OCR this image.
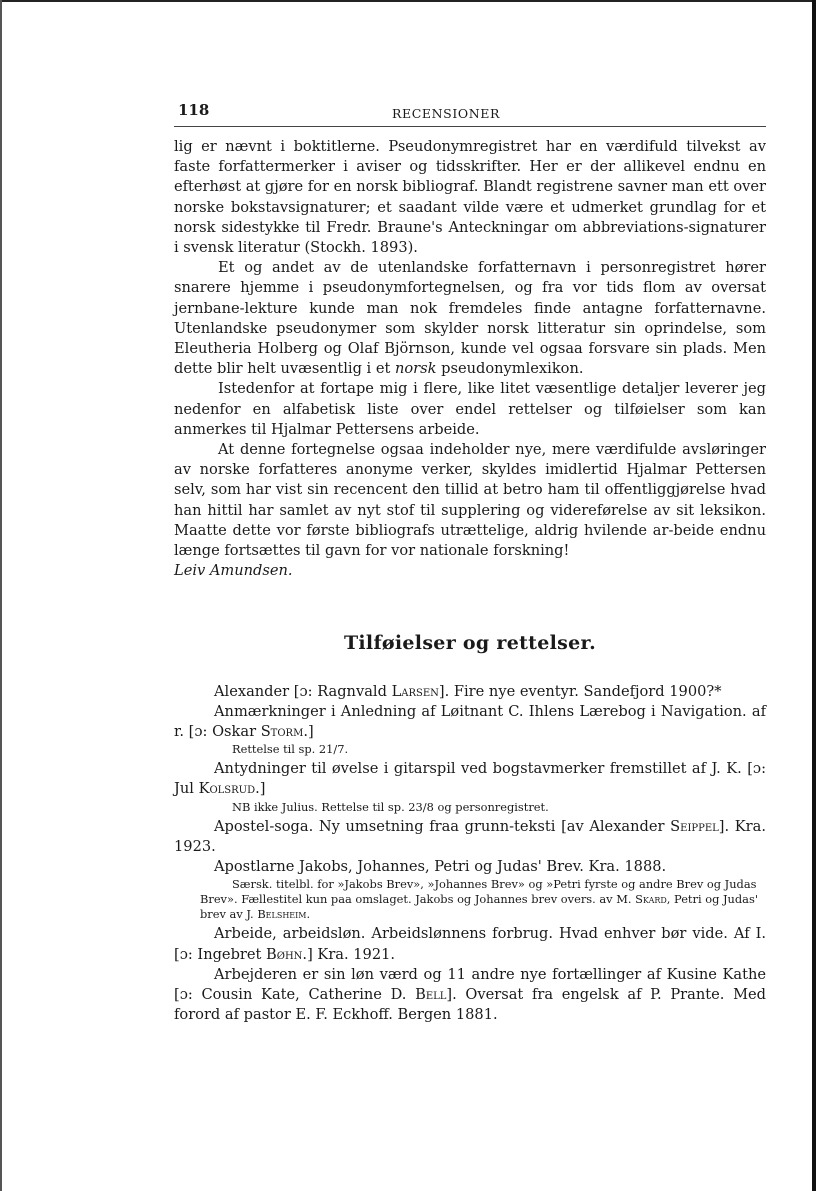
118	RECENSIONER

lig er nævnt i boktitlerne. Pseudonymregistret har en værdifuld tilvekst av faste forfattermerker i aviser og tidsskrifter. Her er der allikevel endnu en efterhøst at gjøre for en norsk bibliograf. Blandt registrene savner man ett over norske bokstavsignaturer; et saadant vilde være et udmerket grundlag for et norsk sidestykke til Fredr. Braune's Anteckningar om abbreviations-signaturer i svensk literatur (Stockh. 1893).

Et og andet av de utenlandske forfatternavn i personregistret hører snarere hjemme i pseudonymfortegnelsen, og fra vor tids flom av oversat jernbane-lekture kunde man nok fremdeles finde antagne forfatternavne. Utenlandske pseudonymer som skylder norsk litteratur sin oprindelse, som Eleutheria Holberg og Olaf Björnson, kunde vel ogsaa forsvare sin plads. Men dette blir helt uvæsentlig i et norsk pseudonymlexikon.

Istedenfor at fortape mig i flere, like litet væsentlige detaljer leverer jeg nedenfor en alfabetisk liste over endel rettelser og tilføielser som kan anmerkes til Hjalmar Pettersens arbeide.

At denne fortegnelse ogsaa indeholder nye, mere værdifulde avsløringer av norske forfatteres anonyme verker, skyldes imidlertid Hjalmar Pettersen selv, som har vist sin recencent den tillid at betro ham til offentliggjørelse hvad han hittil har samlet av nyt stof til supplering og videreførelse av sit leksikon. Maatte dette vor første bibliografs utrættelige, aldrig hvilende ar-beide endnu længe fortsættes til gavn for vor nationale forskning!

Leiv Amundsen.

Tilføielser og rettelser.

Alexander [ɔ: Ragnvald Larsen]. Fire nye eventyr. Sandefjord 1900?*

Anmærkninger i Anledning af Løitnant C. Ihlens Lærebog i Navigation. af r. [ɔ: Oskar Storm.]

Rettelse til sp. 21/7.

Antydninger til øvelse i gitarspil ved bogstavmerker fremstillet af J. K. [ɔ: Jul Kolsrud.]

NB ikke Julius. Rettelse til sp. 23/8 og personregistret.

Apostel-soga. Ny umsetning fraa grunn-teksti [av Alexander Seippel]. Kra. 1923.

Apostlarne Jakobs, Johannes, Petri og Judas' Brev. Kra. 1888.

Særsk. titelbl. for »Jakobs Brev», »Johannes Brev» og »Petri fyrste og andre Brev og Judas Brev». Fællestitel kun paa omslaget. Jakobs og Johannes brev overs. av M. Skard, Petri og Judas' brev av J. Belsheim.

Arbeide, arbeidsløn. Arbeidslønnens forbrug. Hvad enhver bør vide. Af I. [ɔ: Ingebret Bøhn.] Kra. 1921.

Arbejderen er sin løn værd og 11 andre nye fortællinger af Kusine Kathe [ɔ: Cousin Kate, Catherine D. Bell]. Oversat fra engelsk af P. Prante. Med forord af pastor E. F. Eckhoff. Bergen 1881.
